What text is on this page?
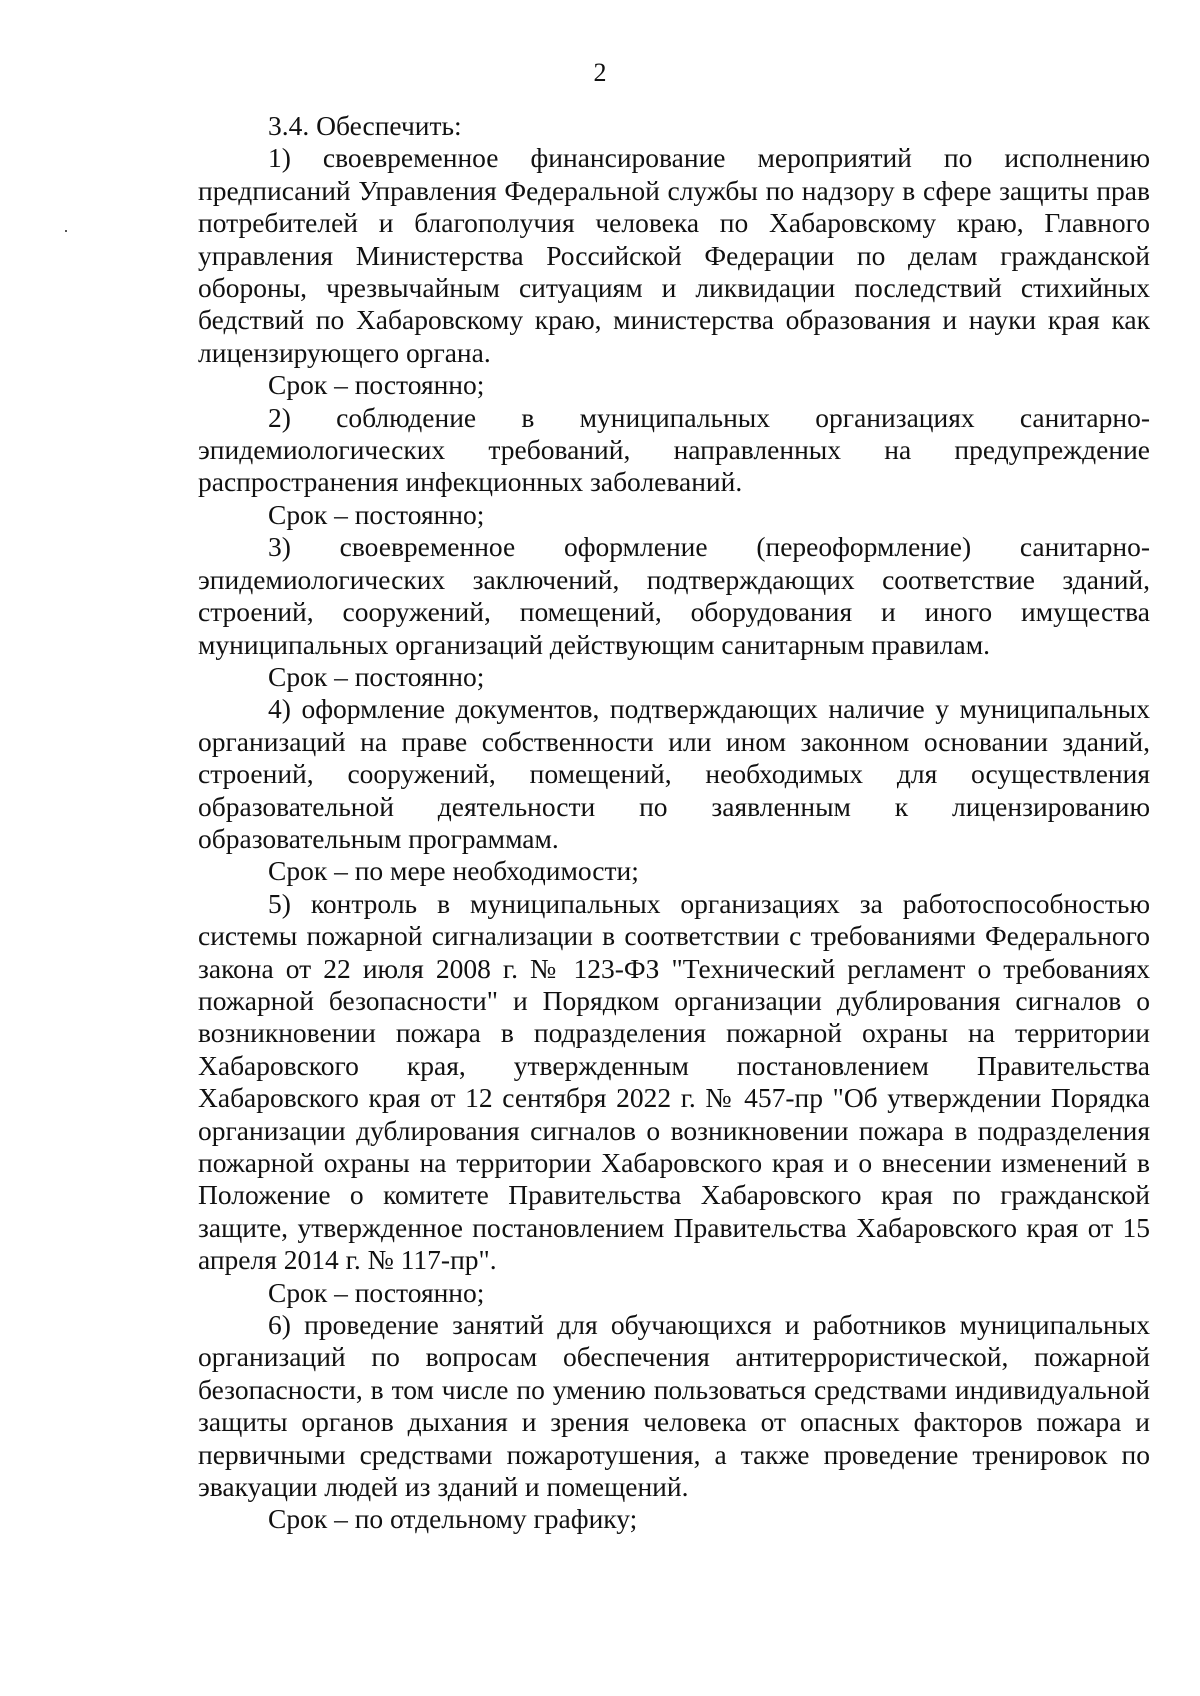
2

3.4. Обеспечить:

1) своевременное финансирование мероприятий по исполнению предписаний Управления Федеральной службы по надзору в сфере защиты прав потребителей и благополучия человека по Хабаровскому краю, Главного управления Министерства Российской Федерации по делам гражданской обороны, чрезвычайным ситуациям и ликвидации последствий стихийных бедствий по Хабаровскому краю, министерства образования и науки края как лицензирующего органа.

Срок – постоянно;

2) соблюдение в муниципальных организациях санитарно-эпидемиологических требований, направленных на предупреждение распространения инфекционных заболеваний.

Срок – постоянно;

3) своевременное оформление (переоформление) санитарно-эпидемиологических заключений, подтверждающих соответствие зданий, строений, сооружений, помещений, оборудования и иного имущества муниципальных организаций действующим санитарным правилам.

Срок – постоянно;

4) оформление документов, подтверждающих наличие у муниципальных организаций на праве собственности или ином законном основании зданий, строений, сооружений, помещений, необходимых для осуществления образовательной деятельности по заявленным к лицензированию образовательным программам.

Срок – по мере необходимости;

5) контроль в муниципальных организациях за работоспособностью системы пожарной сигнализации в соответствии с требованиями Федерального закона от 22 июля 2008 г. № 123-ФЗ "Технический регламент о требованиях пожарной безопасности" и Порядком организации дублирования сигналов о возникновении пожара в подразделения пожарной охраны на территории Хабаровского края, утвержденным постановлением Правительства Хабаровского края от 12 сентября 2022 г. № 457-пр "Об утверждении Порядка организации дублирования сигналов о возникновении пожара в подразделения пожарной охраны на территории Хабаровского края и о внесении изменений в Положение о комитете Правительства Хабаровского края по гражданской защите, утвержденное постановлением Правительства Хабаровского края от 15 апреля 2014 г. № 117-пр".

Срок – постоянно;

6) проведение занятий для обучающихся и работников муниципальных организаций по вопросам обеспечения антитеррористической, пожарной безопасности, в том числе по умению пользоваться средствами индивидуальной защиты органов дыхания и зрения человека от опасных факторов пожара и первичными средствами пожаротушения, а также проведение тренировок по эвакуации людей из зданий и помещений.

Срок – по отдельному графику;
